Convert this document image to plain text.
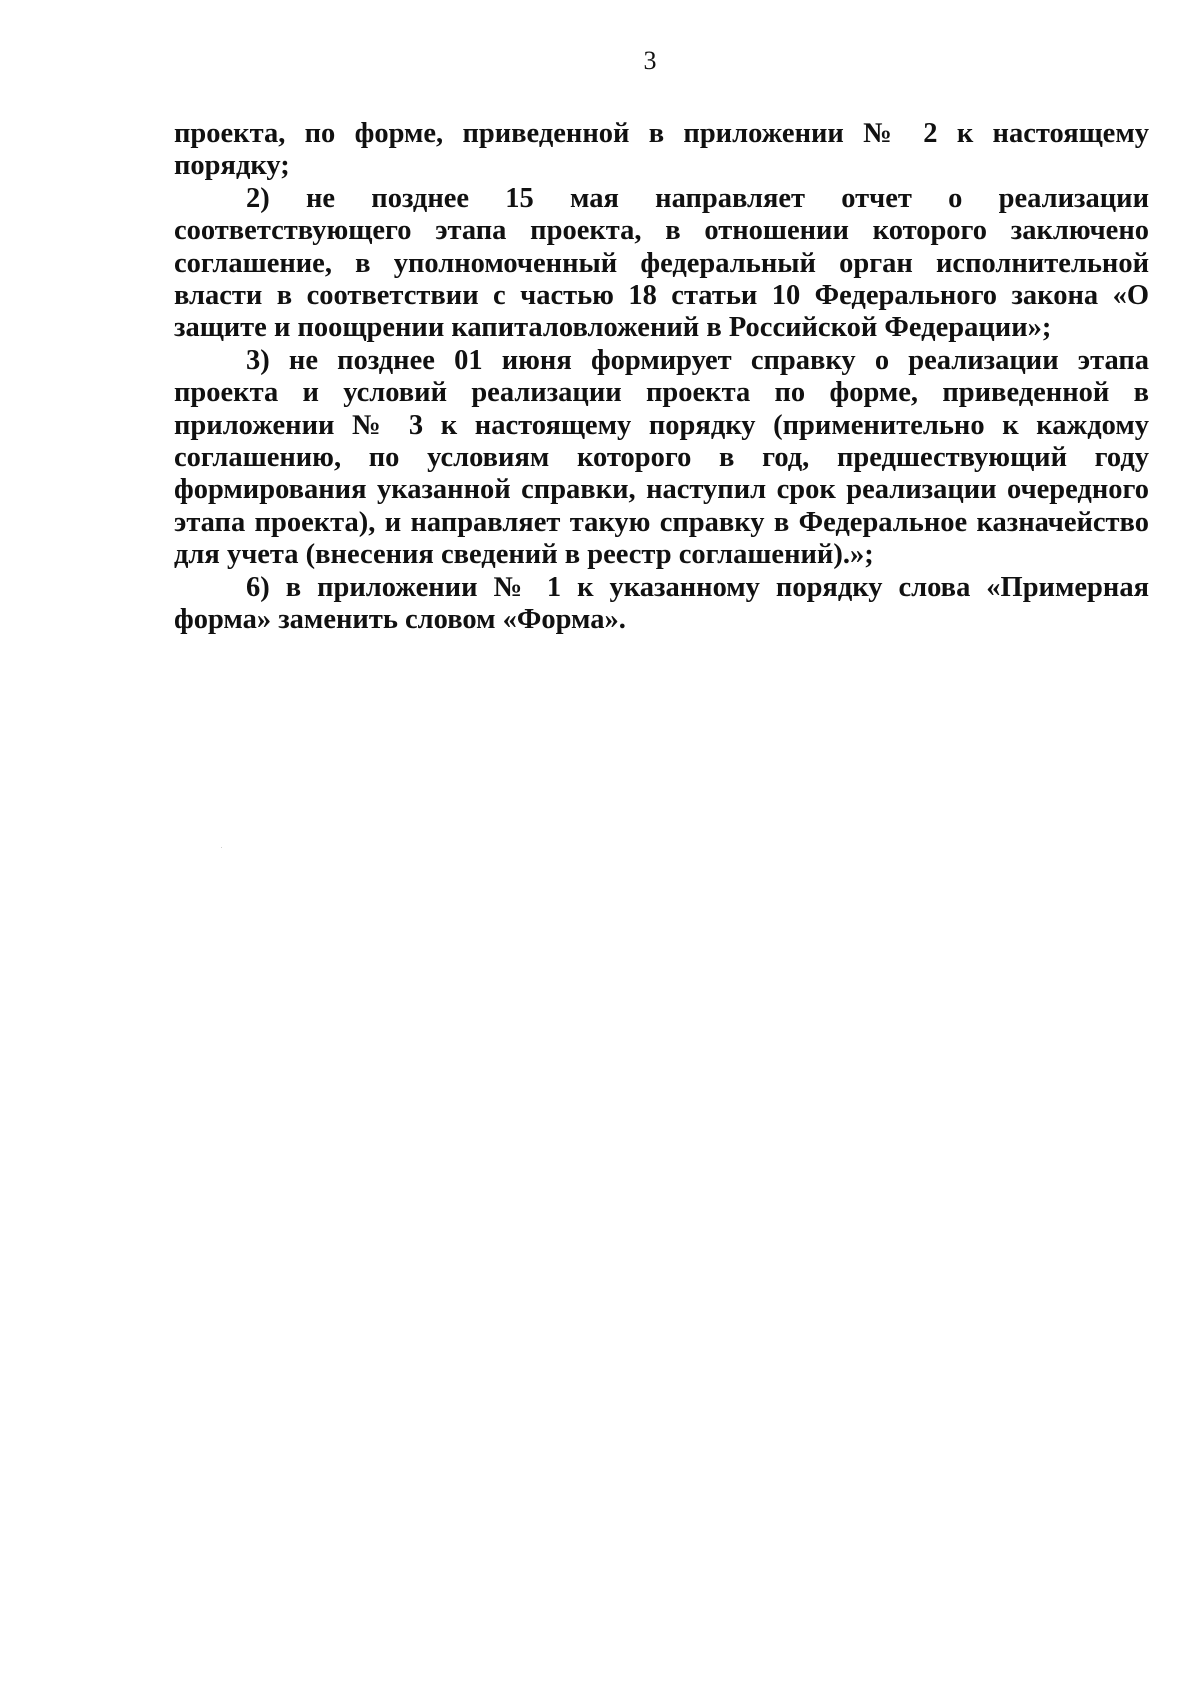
3

проекта, по форме, приведенной в приложении № 2 к настоящему порядку;

2) не позднее 15 мая направляет отчет о реализации соответствующего этапа проекта, в отношении которого заключено соглашение, в уполномоченный федеральный орган исполнительной власти в соответствии с частью 18 статьи 10 Федерального закона «О защите и поощрении капиталовложений в Российской Федерации»;

3) не позднее 01 июня формирует справку о реализации этапа проекта и условий реализации проекта по форме, приведенной в приложении № 3 к настоящему порядку (применительно к каждому соглашению, по условиям которого в год, предшествующий году формирования указанной справки, наступил срок реализации очередного этапа проекта), и направляет такую справку в Федеральное казначейство для учета (внесения сведений в реестр соглашений).»;

6) в приложении № 1 к указанному порядку слова «Примерная форма» заменить словом «Форма».
